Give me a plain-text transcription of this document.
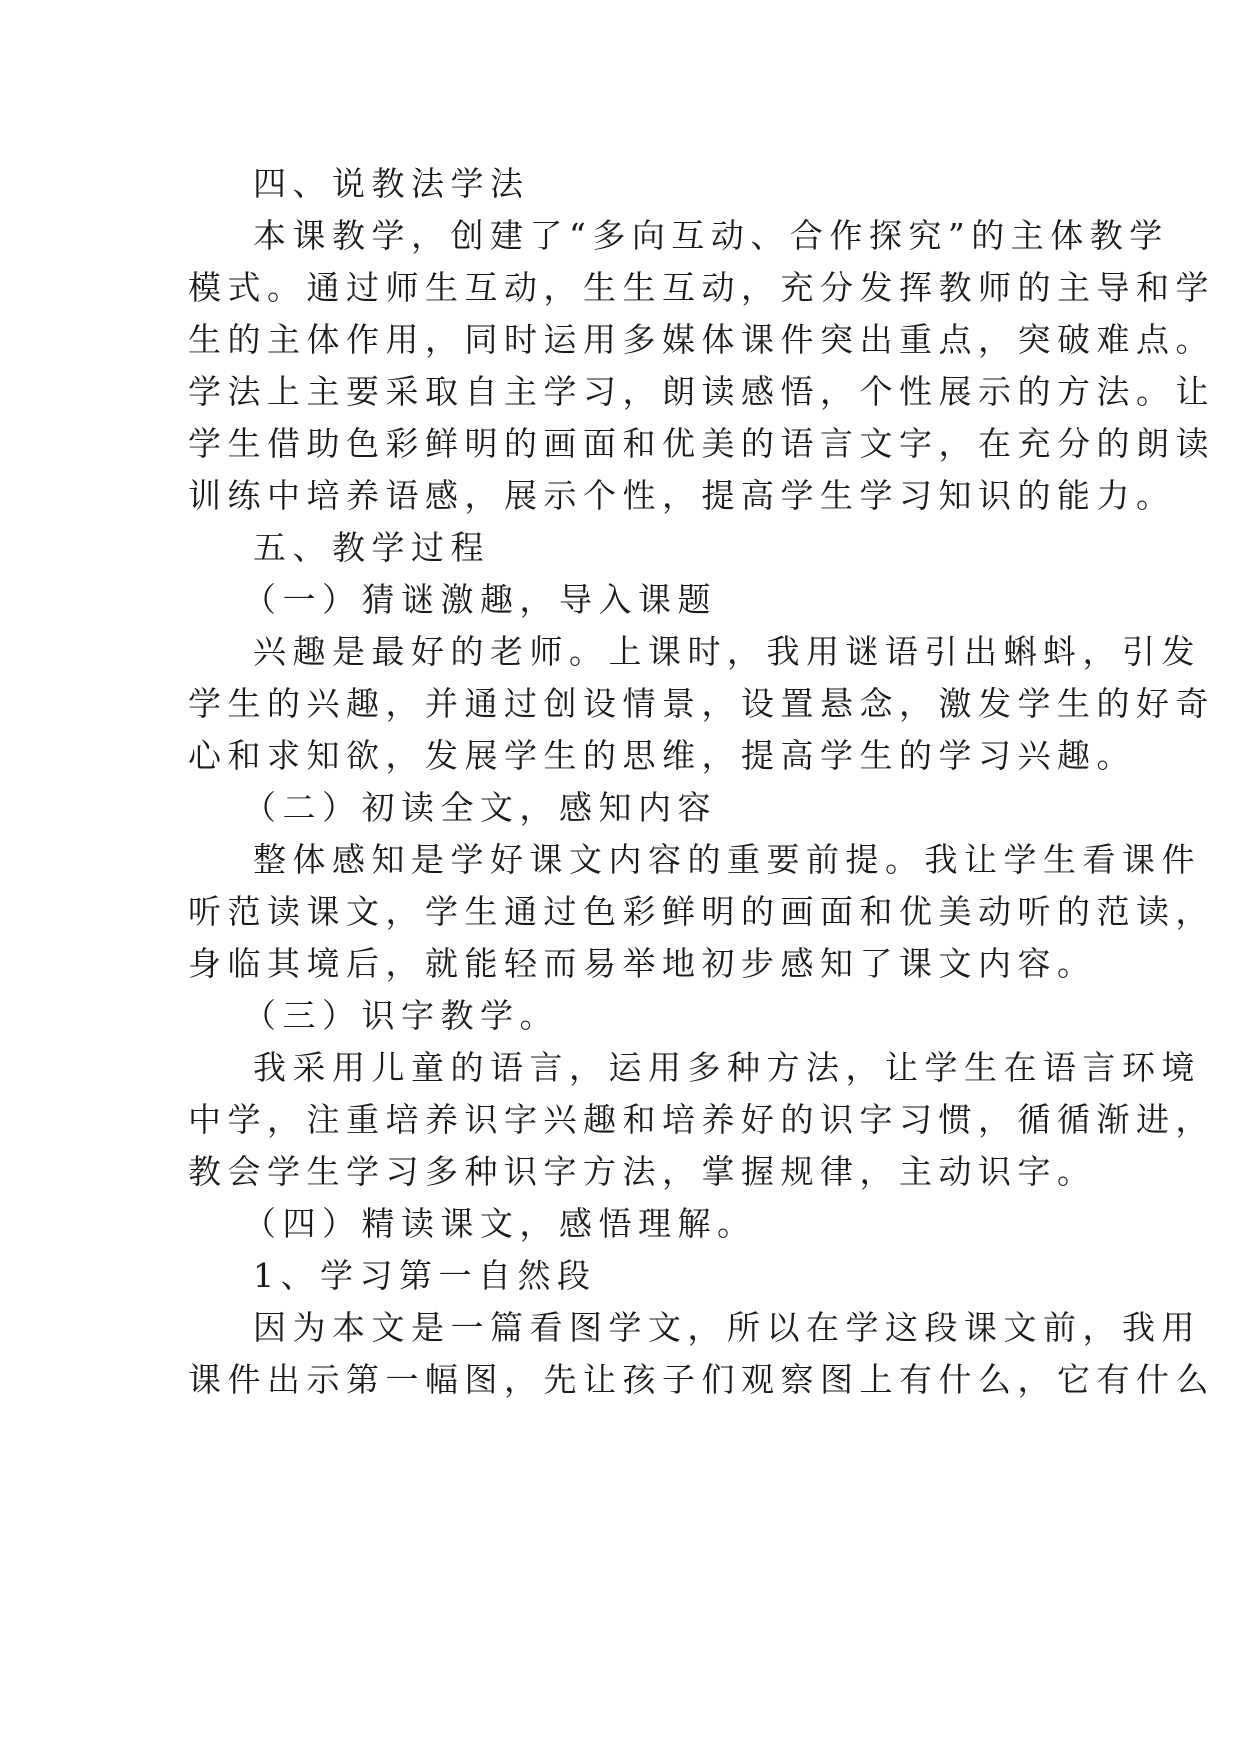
四、说教法学法
本课教学，创建了“多向互动、合作探究”的主体教学
模式。通过师生互动，生生互动，充分发挥教师的主导和学
生的主体作用，同时运用多媒体课件突出重点，突破难点。
学法上主要采取自主学习，朗读感悟，个性展示的方法。让
学生借助色彩鲜明的画面和优美的语言文字，在充分的朗读
训练中培养语感，展示个性，提高学生学习知识的能力。
五、教学过程
（一）猜谜激趣，导入课题
兴趣是最好的老师。上课时，我用谜语引出蝌蚪，引发
学生的兴趣，并通过创设情景，设置悬念，激发学生的好奇
心和求知欲，发展学生的思维，提高学生的学习兴趣。
（二）初读全文，感知内容
整体感知是学好课文内容的重要前提。我让学生看课件
听范读课文，学生通过色彩鲜明的画面和优美动听的范读，
身临其境后，就能轻而易举地初步感知了课文内容。
（三）识字教学。
我采用儿童的语言，运用多种方法，让学生在语言环境
中学，注重培养识字兴趣和培养好的识字习惯，循循渐进，
教会学生学习多种识字方法，掌握规律，主动识字。
（四）精读课文，感悟理解。
1、学习第一自然段
因为本文是一篇看图学文，所以在学这段课文前，我用
课件出示第一幅图，先让孩子们观察图上有什么，它有什么
